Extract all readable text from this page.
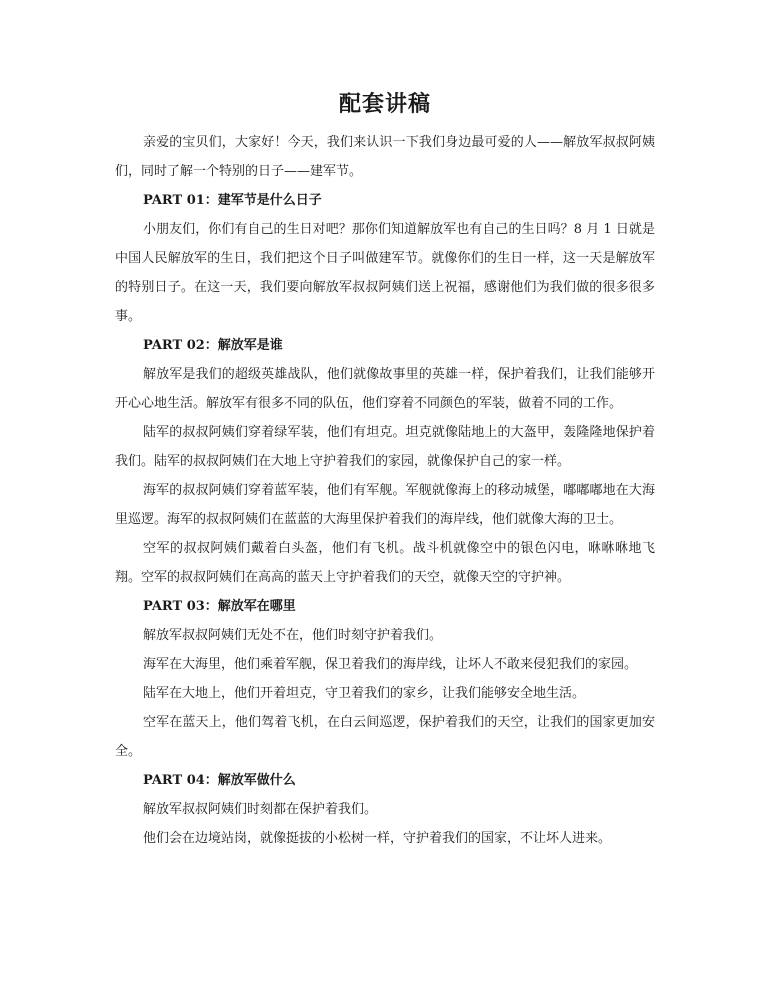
配套讲稿

亲爱的宝贝们，大家好！今天，我们来认识一下我们身边最可爱的人——解放军叔叔阿姨们，同时了解一个特别的日子——建军节。

PART 01：建军节是什么日子

小朋友们，你们有自己的生日对吧？那你们知道解放军也有自己的生日吗？8 月 1 日就是中国人民解放军的生日，我们把这个日子叫做建军节。就像你们的生日一样，这一天是解放军的特别日子。在这一天，我们要向解放军叔叔阿姨们送上祝福，感谢他们为我们做的很多很多事。

PART 02：解放军是谁

解放军是我们的超级英雄战队，他们就像故事里的英雄一样，保护着我们，让我们能够开开心心地生活。解放军有很多不同的队伍，他们穿着不同颜色的军装，做着不同的工作。

陆军的叔叔阿姨们穿着绿军装，他们有坦克。坦克就像陆地上的大盔甲，轰隆隆地保护着我们。陆军的叔叔阿姨们在大地上守护着我们的家园，就像保护自己的家一样。

海军的叔叔阿姨们穿着蓝军装，他们有军舰。军舰就像海上的移动城堡，嘟嘟嘟地在大海里巡逻。海军的叔叔阿姨们在蓝蓝的大海里保护着我们的海岸线，他们就像大海的卫士。

空军的叔叔阿姨们戴着白头盔，他们有飞机。战斗机就像空中的银色闪电，咻咻咻地飞翔。空军的叔叔阿姨们在高高的蓝天上守护着我们的天空，就像天空的守护神。

PART 03：解放军在哪里

解放军叔叔阿姨们无处不在，他们时刻守护着我们。

海军在大海里，他们乘着军舰，保卫着我们的海岸线，让坏人不敢来侵犯我们的家园。

陆军在大地上，他们开着坦克，守卫着我们的家乡，让我们能够安全地生活。

空军在蓝天上，他们驾着飞机，在白云间巡逻，保护着我们的天空，让我们的国家更加安全。

PART 04：解放军做什么

解放军叔叔阿姨们时刻都在保护着我们。

他们会在边境站岗，就像挺拔的小松树一样，守护着我们的国家，不让坏人进来。
